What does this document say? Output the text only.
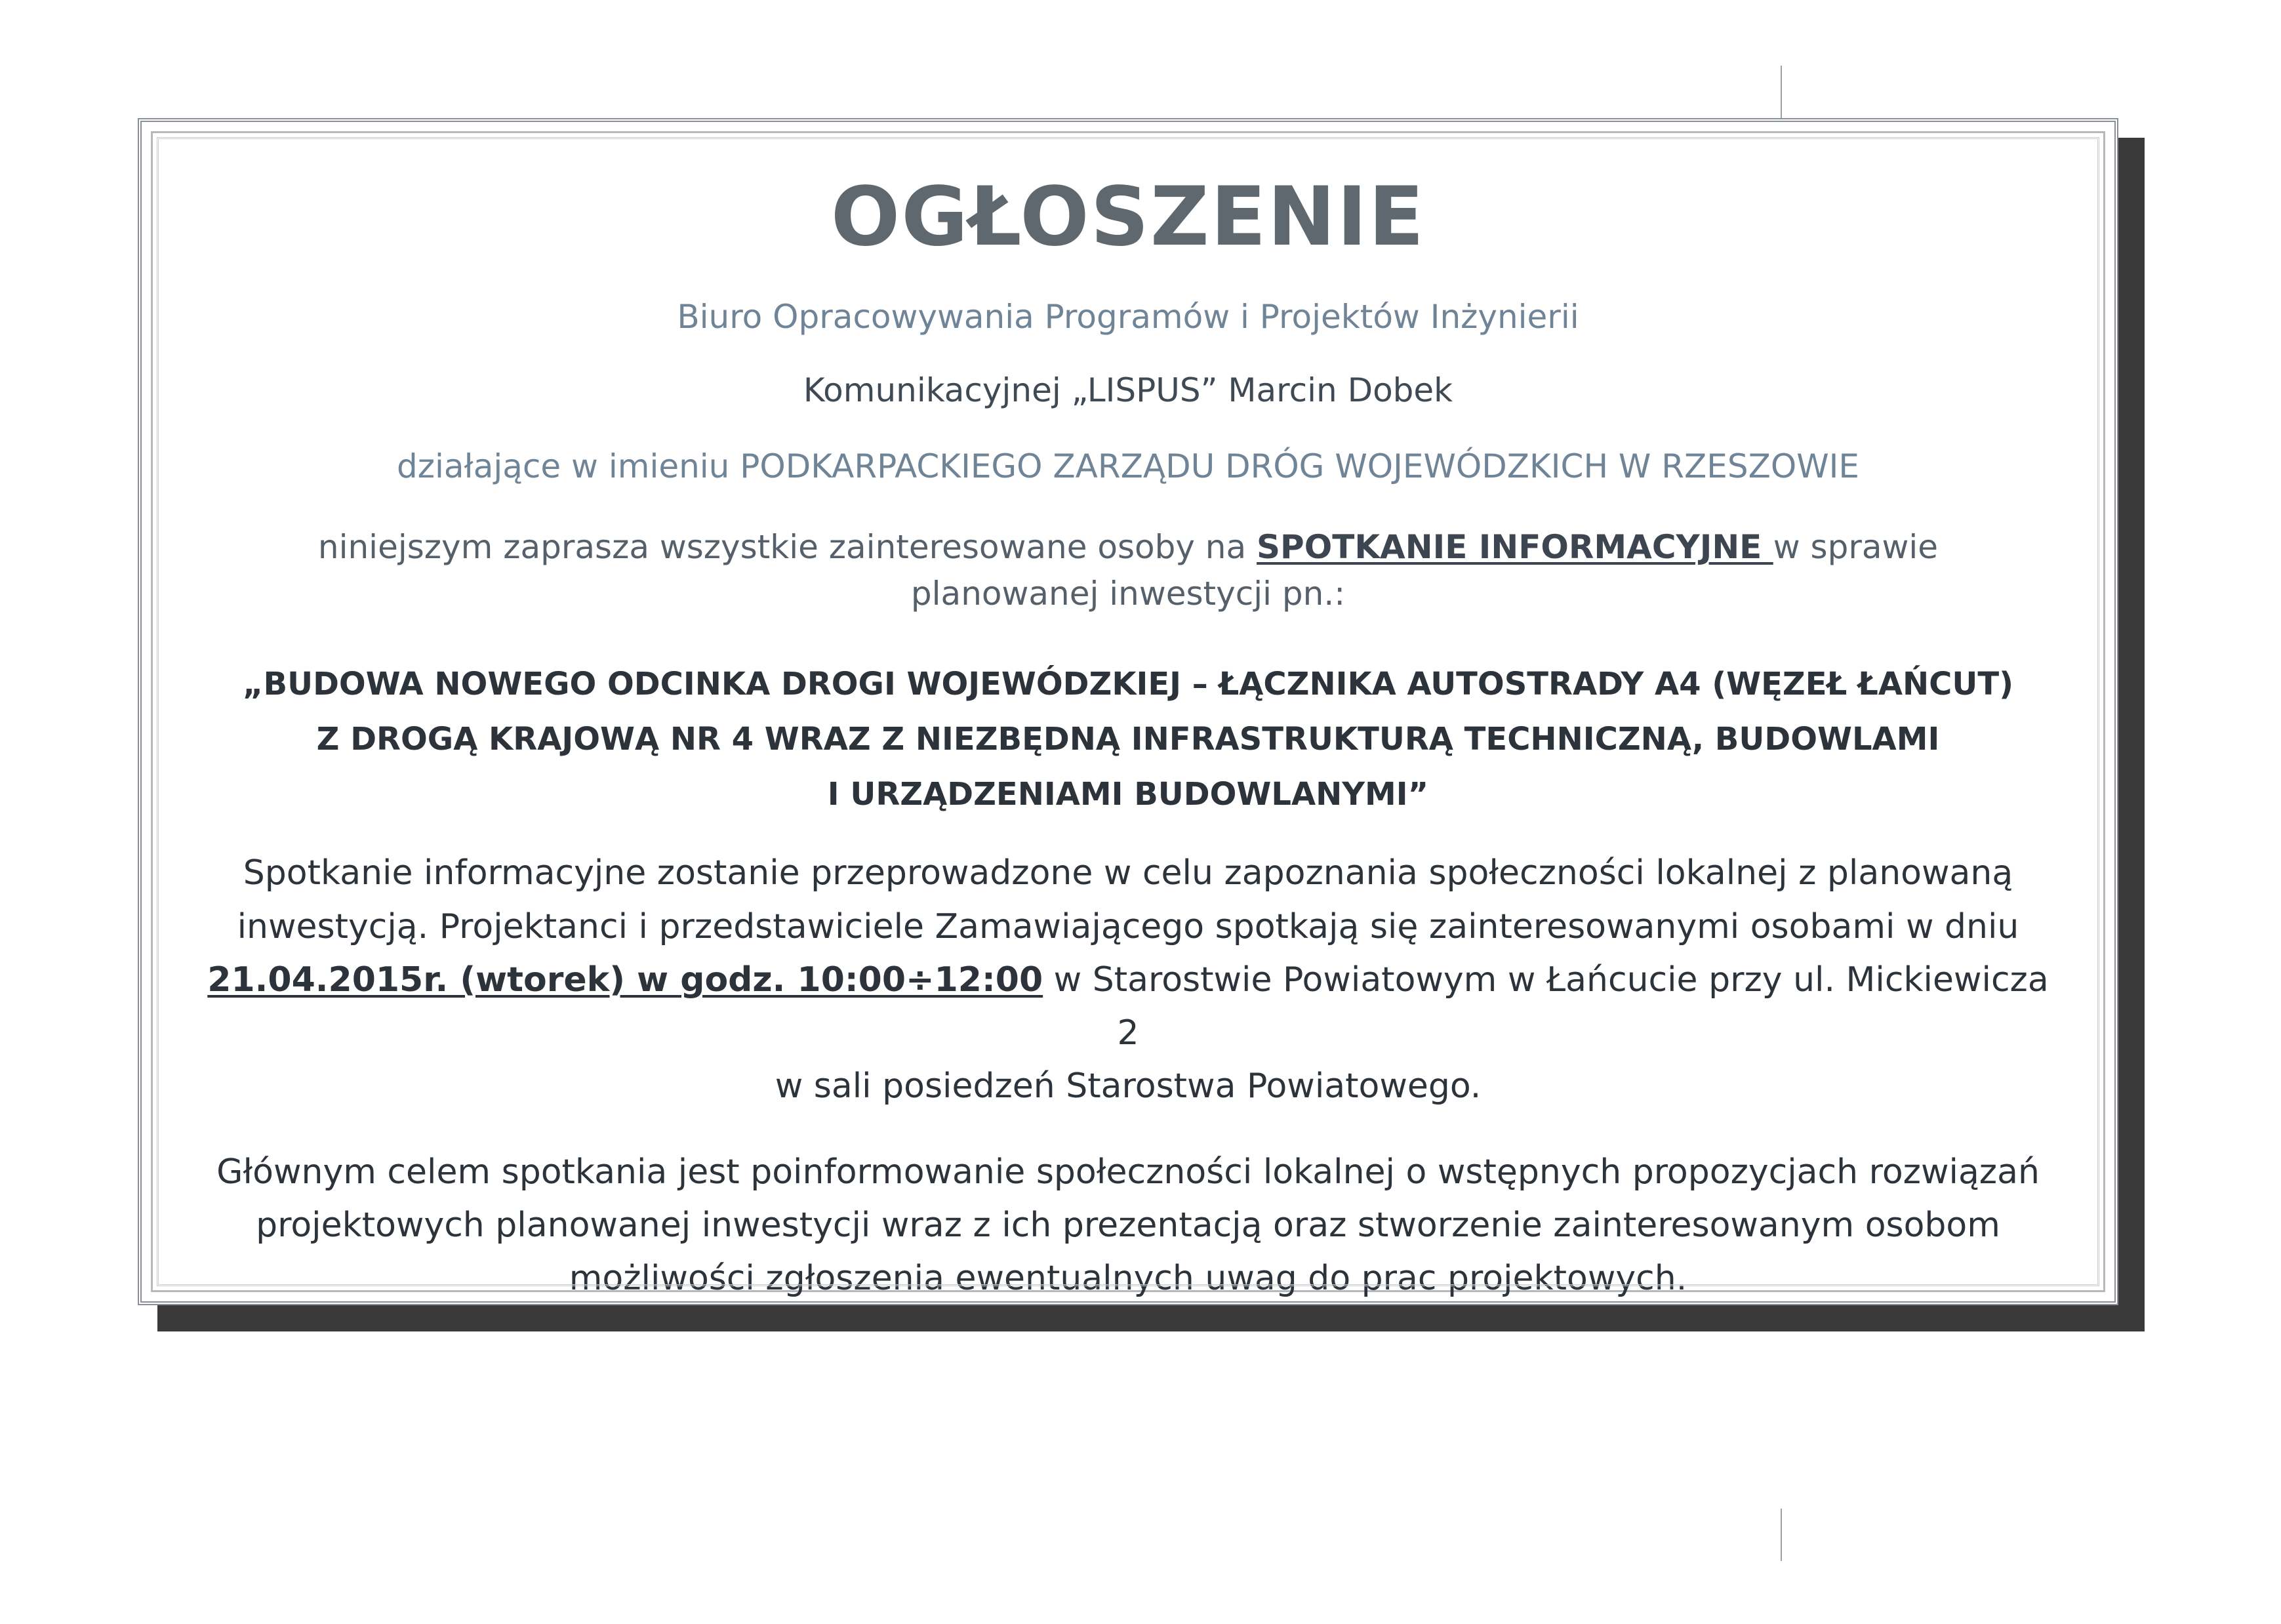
OGŁOSZENIE

Biuro Opracowywania Programów i Projektów Inżynierii

Komunikacyjnej „LISPUS” Marcin Dobek

działające w imieniu PODKARPACKIEGO ZARZĄDU DRÓG WOJEWÓDZKICH W RZESZOWIE

niniejszym zaprasza wszystkie zainteresowane osoby na SPOTKANIE INFORMACYJNE w sprawie
planowanej inwestycji pn.:

„BUDOWA NOWEGO ODCINKA DROGI WOJEWÓDZKIEJ – ŁĄCZNIKA AUTOSTRADY A4 (WĘZEŁ ŁAŃCUT)
Z DROGĄ KRAJOWĄ NR 4 WRAZ Z NIEZBĘDNĄ INFRASTRUKTURĄ TECHNICZNĄ, BUDOWLAMI
I URZĄDZENIAMI BUDOWLANYMI”

Spotkanie informacyjne zostanie przeprowadzone w celu zapoznania społeczności lokalnej z planowaną
inwestycją. Projektanci i przedstawiciele Zamawiającego spotkają się zainteresowanymi osobami w dniu
21.04.2015r. (wtorek) w godz. 10:00÷12:00 w Starostwie Powiatowym w Łańcucie przy ul. Mickiewicza 2
w sali posiedzeń Starostwa Powiatowego.

Głównym celem spotkania jest poinformowanie społeczności lokalnej o wstępnych propozycjach rozwiązań
projektowych planowanej inwestycji wraz z ich prezentacją oraz stworzenie zainteresowanym osobom
możliwości zgłoszenia ewentualnych uwag do prac projektowych.
